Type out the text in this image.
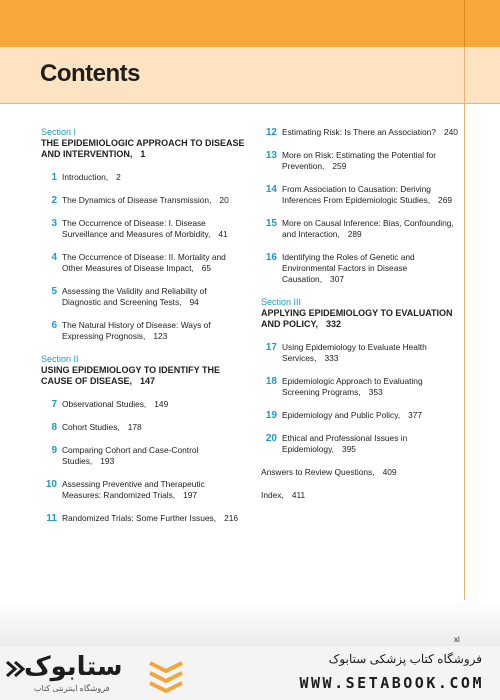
Contents
Section I
THE EPIDEMIOLOGIC APPROACH TO DISEASE AND INTERVENTION, 1
1 Introduction, 2
2 The Dynamics of Disease Transmission, 20
3 The Occurrence of Disease: I. Disease Surveillance and Measures of Morbidity, 41
4 The Occurrence of Disease: II. Mortality and Other Measures of Disease Impact, 65
5 Assessing the Validity and Reliability of Diagnostic and Screening Tests, 94
6 The Natural History of Disease: Ways of Expressing Prognosis, 123
Section II
USING EPIDEMIOLOGY TO IDENTIFY THE CAUSE OF DISEASE, 147
7 Observational Studies, 149
8 Cohort Studies, 178
9 Comparing Cohort and Case-Control Studies, 193
10 Assessing Preventive and Therapeutic Measures: Randomized Trials, 197
11 Randomized Trials: Some Further Issues, 216
12 Estimating Risk: Is There an Association? 240
13 More on Risk: Estimating the Potential for Prevention, 259
14 From Association to Causation: Deriving Inferences From Epidemiologic Studies, 269
15 More on Causal Inference: Bias, Confounding, and Interaction, 289
16 Identifying the Roles of Genetic and Environmental Factors in Disease Causation, 307
Section III
APPLYING EPIDEMIOLOGY TO EVALUATION AND POLICY, 332
17 Using Epidemiology to Evaluate Health Services, 333
18 Epidemiologic Approach to Evaluating Screening Programs, 353
19 Epidemiology and Public Policy, 377
20 Ethical and Professional Issues in Epidemiology, 395
Answers to Review Questions, 409
Index, 411
xi
ستابوک
فروشگاه اینترنتی کتاب
فروشگاه کتاب پزشکی ستابوک
WWW.SETABOOK.COM
